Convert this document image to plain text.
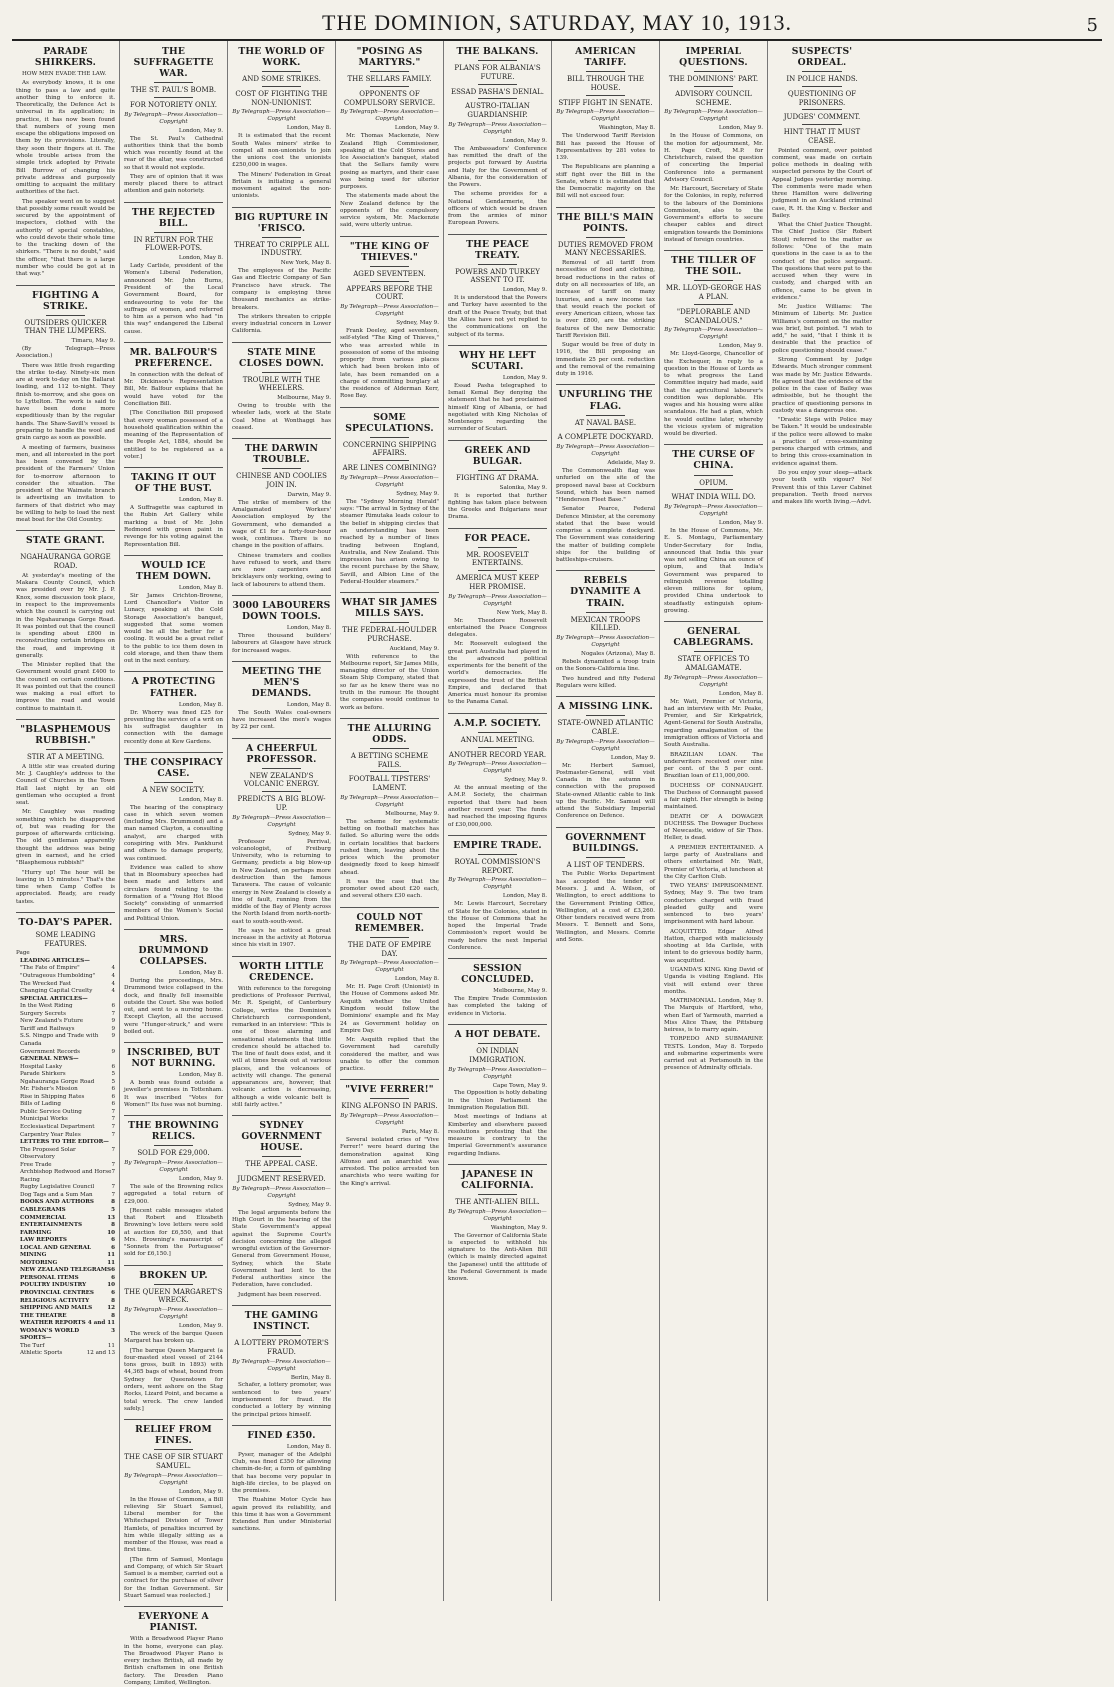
THE DOMINION, SATURDAY, MAY 10, 1913.	5
PARADE SHIRKERS.

HOW MEN EVADE THE LAW.

As everybody knows, it is one thing to pass a law and quite another thing to enforce it. Theoretically, the Defence Act is universal in its application; in practice, it has now been found that numbers of young men escape the obligations imposed on them by its provisions. Literally, they soon their fingers at it. The whole trouble arises from the simple trick adopted by Private Bill Burrow of changing his private address and purposely omitting to acquaint the military authorities of the fact.

The speaker went on to suggest that possibly some result would be secured by the appointment of inspectors, clothed with the authority of special constables, who could devote their whole time to the tracking down of the shirkers. "There is no doubt," said the officer, "that there is a large number who could be got at in that way."

FIGHTING A STRIKE.
OUTSIDERS QUICKER THAN THE LUMPERS.
Timaru, May 9.

(By Telegraph—Press Association.)

There was little fresh regarding the strike to-day. Ninety-six men are at work to-day on the Ballarat loading, and 112 to-night. They finish to-morrow, and she goes on to Lyttelton. The work is said to have been done more expeditiously than by the regular hands. The Shaw-Savill's vessel is preparing to handle the wool and grain cargo as soon as possible.

A meeting of farmers, business men, and all interested in the port has been convened by the president of the Farmers' Union for to-morrow afternoon to consider the situation. The president of the Waimate branch is advertising an invitation to farmers of that district who may be willing to help to load the next meat boat for the Old Country.

STATE GRANT.
NGAHAURANGA GORGE ROAD.

At yesterday's meeting of the Makara County Council, which was presided over by Mr. J. P. Knox, some discussion took place, in respect to the improvements which the council is carrying out in the Ngahauranga Gorge Road. It was pointed out that the council is spending about £800 in reconstructing certain bridges on the road, and improving it generally.

The Minister replied that the Government would grant £400 to the council on certain conditions. It was pointed out that the council was making a real effort to improve the road and would continue to maintain it.

"BLASPHEMOUS RUBBISH."
STIR AT A MEETING.

A little stir was created during Mr. J. Caughley's address to the Council of Churches in the Town Hall last night by an old gentleman who occupied a front seat.

Mr. Caughley was reading something which he disapproved of, but was reading for the purpose of afterwards criticising. The old gentleman apparently thought the address was being given in earnest, and he cried "Blasphemous rubbish!"

"Hurry up! The hour will be leaving in 15 minutes." That's the time when Camp Coffee is appreciated. Ready, are ready tastes.

TO-DAY'S PAPER.
SOME LEADING FEATURES.
Page
LEADING ARTICLES—
"The Fate of Empire"	4
"Outrageous Humbolding"	4
The Wrecked Fast	4
Changing Capital Cruelty	4
SPECIAL ARTICLES—
In the West Riding	6
Surgery Secrets	7
New Zealand's Future	9
Tariff and Railways	9
S.S. Ningpo and Trade with Canada
9
Government Records	9
GENERAL NEWS—
Hospital Lasky	6
Parade Shirkers	5
Ngahauranga Gorge Road	5
Mr. Fisher's Mission	6
Rise in Shipping Rates	6
Bills of Lading	6
Public Service Outing	7
Municipal Works	7
Ecclesiastical Department	7
Carpentry Year Rules	7
LETTERS TO THE EDITOR—
The Proposed Solar Observatory
7
Free Trade	7
Archbishop Redwood and Horse Racing
7
Rugby Legislative Council	7
Dog Tags and a Sum Man	7
BOOKS AND AUTHORS	8
CABLEGRAMS	5
COMMERCIAL	13
ENTERTAINMENTS	8
FARMING	10
LAW REPORTS	6
LOCAL AND GENERAL	6
MINING	11
MOTORING	11
NEW ZEALAND TELEGRAMS 6
PERSONAL ITEMS	6
POULTRY INDUSTRY	10
PROVINCIAL CENTRES	6
RELIGIOUS ACTIVITY	8
SHIPPING AND MAILS	12
THE THEATRE	8
WEATHER REPORTS 4 and 11
WOMAN'S WORLD	3
SPORTS—
The Turf	11
Athletic Sports	12 and 13
THE SUFFRAGETTE WAR.
THE ST. PAUL'S BOMB.
FOR NOTORIETY ONLY.
By Telegraph—Press Association—Copyright
London, May 9.

The St. Paul's Cathedral authorities think that the bomb which was recently found at the rear of the altar, was constructed so that it would not explode.

They are of opinion that it was merely placed there to attract attention and gain notoriety.

THE REJECTED BILL.
IN RETURN FOR THE FLOWER-POTS.
London, May 8.

Lady Carlisle, president of the Women's Liberal Federation, announced Mr. John Burns, President of the Local Government Board, for endeavouring to vote for the suffrage of women, and referred to him as a person who had "in this way" endangered the Liberal cause.

MR. BALFOUR'S PREFERENCE.

In connection with the defeat of Mr. Dickinson's Representation Bill, Mr. Balfour explains that he would have voted for the Conciliation Bill.

[The Conciliation Bill proposed that every woman possessed of a household qualification within the meaning of the Representation of the People Act, 1884, should be entitled to be registered as a voter.]

TAKING IT OUT OF THE BUST.
London, May 8.

A Suffragette was captured in the Rubin Art Gallery while marking a bust of Mr. John Redmond with green paint in revenge for his voting against the Representation Bill.

WOULD ICE THEM DOWN.
London, May 8.

Sir James Crichton-Browne, Lord Chancellor's Visitor in Lunacy, speaking at the Cold Storage Association's banquet, suggested that some women would be all the better for a cooling. It would be a great relief to the public to ice them down in cold storage, and then thaw them out in the next century.

A PROTECTING FATHER.
London, May 8.

Dr. Whorry was fined £25 for preventing the service of a writ on his suffragist daughter in connection with the damage recently done at Kew Gardens.

THE CONSPIRACY CASE.
A NEW SOCIETY.
London, May 8.

The hearing of the conspiracy case in which seven women (including Mrs. Drummond) and a man named Clayton, a consulting analyst, are charged with conspiring with Mrs. Pankhurst and others to damage property, was continued.

Evidence was called to show that in Bloomsbury speeches had been made and letters and circulars found relating to the formation of a "Young Hot Blood Society" consisting of unmarried members of the Women's Social and Political Union.

MRS. DRUMMOND COLLAPSES.
London, May 8.

During the proceedings, Mrs. Drummond twice collapsed in the dock, and finally fell insensible outside the Court. She was boiled out, and sent to a nursing home. Except Clayton, all the accused were "Hunger-struck," and were boiled out.

INSCRIBED, BUT NOT BURNING.
London, May 8.

A bomb was found outside a jeweller's premises in Tottenham. It was inscribed "Votes for Women!" Its fuse was not burning.

THE BROWNING RELICS.
SOLD FOR £29,000.
By Telegraph—Press Association—Copyright
London, May 9.

The sale of the Browning relics aggregated a total return of £29,000.

[Recent cable messages stated that Robert and Elizabeth Browning's love letters were sold at auction for £6,550, and that Mrs. Browning's manuscript of "Sonnets from the Portuguese" sold for £6,150.]

BROKEN UP.
THE QUEEN MARGARET'S WRECK.
By Telegraph—Press Association—Copyright
London, May 9.

The wreck of the barque Queen Margaret has broken up.

[The barque Queen Margaret (a four-masted steel vessel of 2144 tons gross, built in 1893) with 44,365 bags of wheat, bound from Sydney for Queenstown for orders, went ashore on the Stag Rocks, Lizard Point, and became a total wreck. The crew landed safely.]

RELIEF FROM FINES.
THE CASE OF SIR STUART SAMUEL.
By Telegraph—Press Association—Copyright
London, May 9.

In the House of Commons, a Bill relieving Sir Stuart Samuel, Liberal member for the Whitechapel Division of Tower Hamlets, of penalties incurred by him while illegally sitting as a member of the House, was read a first time.

[The firm of Samuel, Montagu and Company, of which Sir Stuart Samuel is a member, carried out a contract for the purchase of silver for the Indian Government. Sir Stuart Samuel was reelected.]

EVERYONE A PIANIST.

With a Broadwood Player Piano in the home, everyone can play. The Broadwood Player Piano is every inches British, all made by British craftsmen in one British factory. The Dresden Piano Company, Limited, Wellington.

THE WORLD OF WORK.
AND SOME STRIKES.
COST OF FIGHTING THE NON-UNIONIST.
By Telegraph—Press Association—Copyright
London, May 8.

It is estimated that the recent South Wales miners' strike to compel all non-unionists to join the unions cost the unionists £250,000 in wages.

The Miners' Federation in Great Britain is initiating a general movement against the non-unionists.

BIG RUPTURE IN 'FRISCO.
THREAT TO CRIPPLE ALL INDUSTRY.
New York, May 8.

The employees of the Pacific Gas and Electric Company of San Francisco have struck. The company is employing three thousand mechanics as strike-breakers.

The strikers threaten to cripple every industrial concern in Lower California.

STATE MINE CLOSES DOWN.
TROUBLE WITH THE WHEELERS.
Melbourne, May 9.

Owing to trouble with the wheeler lads, work at the State Coal Mine at Wonthaggi has ceased.

THE DARWIN TROUBLE.
CHINESE AND COOLIES JOIN IN.
Darwin, May 9.

The strike of members of the Amalgamated Workers' Association employed by the Government, who demanded a wage of £1 for a forty-four-hour week, continues. There is no change in the position of affairs.

Chinese tramsters and coolies have refused to work, and there are now carpenters and bricklayers only working, owing to lack of labourers to attend them.

3000 LABOURERS DOWN TOOLS.
London, May 8.

Three thousand builders' labourers at Glasgow have struck for increased wages.

MEETING THE MEN'S DEMANDS.
London, May 8.

The South Wales coal-owners have increased the men's wages by 22 per cent.

A CHEERFUL PROFESSOR.
NEW ZEALAND'S VOLCANIC ENERGY.
PREDICTS A BIG BLOW-UP.
By Telegraph—Press Association—Copyright
Sydney, May 9.

Professor Perrival, volcanologist, of Freiburg University, who is returning to Germany, predicts a big blow-up in New Zealand, on perhaps more destruction than the famous Tarawera. The cause of volcanic energy in New Zealand is closely a line of fault, running from the middle of the Bay of Plenty across the North Island from north-north-east to south-south-west.

He says he noticed a great increase in the activity at Rotorua since his visit in 1907.

WORTH LITTLE CREDENCE.

With reference to the foregoing predictions of Professor Perrival, Mr. R. Speight, of Canterbury College, writes the Dominion's Christchurch correspondent, remarked in an interview: "This is one of those alarming and sensational statements that little credence should be attached to. The line of fault does exist, and it will at times break out at various places, and the volcanoes of activity will change. The general appearances are, however, that volcanic action is decreasing, although a wide volcanic belt is still fairly active."

SYDNEY GOVERNMENT HOUSE.
THE APPEAL CASE.
JUDGMENT RESERVED.
By Telegraph—Press Association—Copyright
Sydney, May 9.

The legal arguments before the High Court in the hearing of the State Government's appeal against the Supreme Court's decision concerning the alleged wrongful eviction of the Governor-General from Government House, Sydney, which the State Government had lent to the Federal authorities since the Federation, have concluded.

Judgment has been reserved.

THE GAMING INSTINCT.
A LOTTERY PROMOTER'S FRAUD.
By Telegraph—Press Association—Copyright
Berlin, May 8.

Schafer, a lottery promoter, was sentenced to two years' imprisonment for fraud. He conducted a lottery by winning the principal prizes himself.

FINED £350.
London, May 8.

Pyser, manager of the Adelphi Club, was fined £350 for allowing chemin-de-fer, a form of gambling that has become very popular in high-life circles, to be played on the premises.

The Ruahine Motor Cycle has again proved its reliability, and this time it has won a Government Extended Run under Ministerial sanctions.

"POSING AS MARTYRS."
THE SELLARS FAMILY.
OPPONENTS OF COMPULSORY SERVICE.
By Telegraph—Press Association—Copyright
London, May 9.

Mr. Thomas Mackenzie, New Zealand High Commissioner, speaking at the Cold Stores and Ice Association's banquet, stated that the Sellars family were posing as martyrs, and their case was being used for ulterior purposes.

The statements made about the New Zealand defence by the opponents of the compulsory service system, Mr. Mackenzie said, were utterly untrue.

"THE KING OF THIEVES."
AGED SEVENTEEN.
APPEARS BEFORE THE COURT.
By Telegraph—Press Association—Copyright
Sydney, May 9.

Frank Deeley, aged seventeen, self-styled "The King of Thieves," who was arrested while in possession of some of the missing property from various places which had been broken into of late, has been remanded on a charge of committing burglary at the residence of Alderman Kerr, Rose Bay.

SOME SPECULATIONS.
CONCERNING SHIPPING AFFAIRS.
ARE LINES COMBINING?
By Telegraph—Press Association—Copyright
Sydney, May 9.

The "Sydney Morning Herald" says: "The arrival in Sydney of the steamer Rimutaka leads colour to the belief in shipping circles that an understanding has been reached by a number of lines trading between England, Australia, and New Zealand. This impression has arisen owing to the recent purchase by the Shaw, Savill, and Albion Line of the Federal-Houlder steamers."

WHAT SIR JAMES MILLS SAYS.
THE FEDERAL-HOULDER PURCHASE.
Auckland, May 9.

With reference to the Melbourne report, Sir James Mills, managing director of the Union Steam Ship Company, stated that so far as he knew there was no truth in the rumour. He thought the companies would continue to work as before.

THE ALLURING ODDS.
A BETTING SCHEME FAILS.
FOOTBALL TIPSTERS' LAMENT.
By Telegraph—Press Association—Copyright
Melbourne, May 9.

The scheme for systematic betting on football matches has failed. So alluring were the odds in certain localities that backers rushed them, leaving about the prices which the promoter designedly fixed to keep himself ahead.

It was the case that the promoter owed about £20 each, and several others £30 each.

COULD NOT REMEMBER.
THE DATE OF EMPIRE DAY.
By Telegraph—Press Association—Copyright
London, May 8.

Mr. H. Page Croft (Unionist) in the House of Commons asked Mr. Asquith whether the United Kingdom would follow the Dominions' example and fix May 24 as Government holiday on Empire Day.

Mr. Asquith replied that the Government had carefully considered the matter, and was unable to offer the common practice.

"VIVE FERRER!"
KING ALFONSO IN PARIS.
By Telegraph—Press Association—Copyright
Paris, May 8.

Several isolated cries of "Vive Ferrer!" were heard during the demonstration against King Alfonso and an anarchist was arrested. The police arrested ten anarchists who were waiting for the King's arrival.

THE BALKANS.
PLANS FOR ALBANIA'S FUTURE.
ESSAD PASHA'S DENIAL.
AUSTRO-ITALIAN GUARDIANSHIP.
By Telegraph—Press Association—Copyright
London, May 9.

The Ambassadors' Conference has remitted the draft of the projects put forward by Austria and Italy for the Government of Albania, for the consideration of the Powers.

The scheme provides for a National Gendarmerie, the officers of which would be drawn from the armies of minor European Powers.

THE PEACE TREATY.
POWERS AND TURKEY ASSENT TO IT.
London, May 9.

It is understood that the Powers and Turkey have assented to the draft of the Peace Treaty, but that the Allies have not yet replied to the communications on the subject of its terms.

WHY HE LEFT SCUTARI.
London, May 9.

Essad Pasha telegraphed to Ismail Kemal Bey denying the statement that he had proclaimed himself King of Albania, or had negotiated with King Nicholas of Montenegro regarding the surrender of Scutari.

GREEK AND BULGAR.
FIGHTING AT DRAMA.
Salonika, May 9.

It is reported that further fighting has taken place between the Greeks and Bulgarians near Drama.

FOR PEACE.
MR. ROOSEVELT ENTERTAINS.
AMERICA MUST KEEP HER PROMISE.
By Telegraph—Press Association—Copyright
New York, May 8.

Mr. Theodore Roosevelt entertained the Peace Congress delegates.

Mr. Roosevelt eulogised the great part Australia had played in the advanced political experiments for the benefit of the world's democracies. He expressed the trust of the British Empire, and declared that America must honour its promise to the Panama Canal.

A.M.P. SOCIETY.
ANNUAL MEETING.
ANOTHER RECORD YEAR.
By Telegraph—Press Association—Copyright
Sydney, May 9.

At the annual meeting of the A.M.P. Society, the chairman reported that there had been another record year. The funds had reached the imposing figures of £30,000,000.

EMPIRE TRADE.
ROYAL COMMISSION'S REPORT.
By Telegraph—Press Association—Copyright
London, May 8.

Mr. Lewis Harcourt, Secretary of State for the Colonies, stated in the House of Commons that he hoped the Imperial Trade Commission's report would be ready before the next Imperial Conference.

SESSION CONCLUDED.
Melbourne, May 9.

The Empire Trade Commission has completed the taking of evidence in Victoria.

A HOT DEBATE.
ON INDIAN IMMIGRATION.
By Telegraph—Press Association—Copyright
Cape Town, May 9.

The Opposition is hotly debating in the Union Parliament the Immigration Regulation Bill.

Most meetings of Indians at Kimberley and elsewhere passed resolutions protesting that the measure is contrary to the Imperial Government's assurance regarding Indians.

JAPANESE IN CALIFORNIA.
THE ANTI-ALIEN BILL.
By Telegraph—Press Association—Copyright
Washington, May 9.

The Governor of California State is expected to withhold his signature to the Anti-Alien Bill (which is mainly directed against the Japanese) until the attitude of the Federal Government is made known.

AMERICAN TARIFF.
BILL THROUGH THE HOUSE.
STIFF FIGHT IN SENATE.
By Telegraph—Press Association—Copyright
Washington, May 8.

The Underwood Tariff Revision Bill has passed the House of Representatives by 281 votes to 139.

The Republicans are planning a stiff fight over the Bill in the Senate, where it is estimated that the Democratic majority on the Bill will not exceed four.

THE BILL'S MAIN POINTS.
DUTIES REMOVED FROM MANY NECESSARIES.

Removal of all tariff from necessities of food and clothing, broad reductions in the rates of duty on all necessaries of life, an increase of tariff on many luxuries, and a new income tax that would reach the pocket of every American citizen, whose tax is over £800, are the striking features of the new Democratic Tariff Revision Bill.

Sugar would be free of duty in 1916, the Bill proposing an immediate 25 per cent. reduction and the removal of the remaining duty in 1916.

UNFURLING THE FLAG.
AT NAVAL BASE.
A COMPLETE DOCKYARD.
By Telegraph—Press Association—Copyright
Adelaide, May 9.

The Commonwealth flag was unfurled on the site of the proposed naval base at Cockburn Sound, which has been named "Henderson Fleet Base."

Senator Pearce, Federal Defence Minister, at the ceremony stated that the base would comprise a complete dockyard. The Government was considering the matter of building complete ships for the building of battleships-cruisers.

REBELS DYNAMITE A TRAIN.
MEXICAN TROOPS KILLED.
By Telegraph—Press Association—Copyright
Nogales (Arizona), May 8.

Rebels dynamited a troop train on the Sonora-California line.

Two hundred and fifty Federal Regulars were killed.

A MISSING LINK.
STATE-OWNED ATLANTIC CABLE.
By Telegraph—Press Association—Copyright
London, May 9.

Mr. Herbert Samuel, Postmaster-General, will visit Canada in the autumn in connection with the proposed State-owned Atlantic cable to link up the Pacific. Mr. Samuel will attend the Subsidiary Imperial Conference on Defence.

GOVERNMENT BUILDINGS.
A LIST OF TENDERS.

The Public Works Department has accepted the tender of Messrs. J. and A. Wilson, of Wellington, to erect additions to the Government Printing Office, Wellington, at a cost of £3,260. Other tenders received were from Messrs. T. Bennett and Sons, Wellington, and Messrs. Comrie and Sons.

IMPERIAL QUESTIONS.
THE DOMINIONS' PART.
ADVISORY COUNCIL SCHEME.
By Telegraph—Press Association—Copyright
London, May 9.

In the House of Commons, on the motion for adjournment, Mr. H. Page Croft, M.P. for Christchurch, raised the question of concerting the Imperial Conference into a permanent Advisory Council.

Mr. Harcourt, Secretary of State for the Colonies, in reply, referred to the labours of the Dominions Commission, also to the Government's efforts to secure cheaper cables and direct emigration towards the Dominions instead of foreign countries.

THE TILLER OF THE SOIL.
MR. LLOYD-GEORGE HAS A PLAN.
"DEPLORABLE AND SCANDALOUS."
By Telegraph—Press Association—Copyright
London, May 9.

Mr. Lloyd-George, Chancellor of the Exchequer, in reply to a question in the House of Lords as to what progress the Land Committee inquiry had made, said that the agricultural labourer's condition was deplorable. His wages and his housing were alike scandalous. He had a plan, which he would outline later, whereby the vicious system of migration would be diverted.

THE CURSE OF CHINA.
OPIUM.
WHAT INDIA WILL DO.
By Telegraph—Press Association—Copyright
London, May 9.

In the House of Commons, Mr. E. S. Montagu, Parliamentary Under-Secretary for India, announced that India this year was not selling China an ounce of opium, and that India's Government was prepared to relinquish revenue totalling eleven millions for opium, provided China undertook to steadfastly extinguish opium-growing.

GENERAL CABLEGRAMS.
STATE OFFICES TO AMALGAMATE.
By Telegraph—Press Association—Copyright
London, May 8.

Mr. Watt, Premier of Victoria, had an interview with Mr. Peake, Premier, and Sir Kirkpatrick, Agent-General for South Australia, regarding amalgamation of the immigration offices of Victoria and South Australia.

BRAZILIAN LOAN. The underwriters received over nine per cent. of the 5 per cent. Brazilian loan of £11,000,000.

DUCHESS OF CONNAUGHT. The Duchess of Connaught passed a fair night. Her strength is being maintained.

DEATH OF A DOWAGER DUCHESS. The Dowager Duchess of Newcastle, widow of Sir Thos. Heller, is dead.

A PREMIER ENTERTAINED. A large party of Australians and others entertained Mr. Watt, Premier of Victoria, at luncheon at the City Carlton Club.

TWO YEARS' IMPRISONMENT. Sydney, May 9. The two tram conductors charged with fraud pleaded guilty and were sentenced to two years' imprisonment with hard labour.

ACQUITTED. Edgar Alfred Hatton, charged with maliciously shooting at Ida Carlisle, with intent to do grievous bodily harm, was acquitted.

UGANDA'S KING. King David of Uganda is visiting England. His visit will extend over three months.

MATRIMONIAL. London, May 9. The Marquis of Hartford, who, when Earl of Yarmouth, married a Miss Alice Thaw, the Pittsburg heiress, is to marry again.

TORPEDO AND SUBMARINE TESTS. London, May 8. Torpedo and submarine experiments were carried out at Portsmouth in the presence of Admiralty officials.

SUSPECTS' ORDEAL.
IN POLICE HANDS.
QUESTIONING OF PRISONERS.
JUDGES' COMMENT.
HINT THAT IT MUST CEASE.

Pointed comment, over pointed comment, was made on certain police methods in dealing with suspected persons by the Court of Appeal Judges yesterday morning. The comments were made when three Hamilton were delivering judgment in an Auckland criminal case, R. H. the King v. Becker and Bailey.

What the Chief Justice Thought. The Chief Justice (Sir Robert Stout) referred to the matter as follows: "One of the main questions in the case is as to the conduct of the police sergeant. The questions that were put to the accused when they were in custody, and charged with an offence, came to be given in evidence."

Mr. Justice Williams: The Minimum of Liberty. Mr. Justice Williams's comment on the matter was brief, but pointed. "I wish to add," he said, "that I think it is desirable that the practice of police questioning should cease."

Strong Comment by Judge Edwards. Much stronger comment was made by Mr. Justice Edwards. He agreed that the evidence of the police in the case of Bailey was admissible, but he thought the practice of questioning persons in custody was a dangerous one.

"Drastic Steps with Police may be Taken." It would be undesirable if the police were allowed to make a practice of cross-examining persons charged with crimes, and to bring this cross-examination in evidence against them.

Do you enjoy your sleep—attack your teeth with vigour? No! Prevent this of this Lever Cabinet preparation. Teeth freed nerves and makes life worth living.—Advt.
